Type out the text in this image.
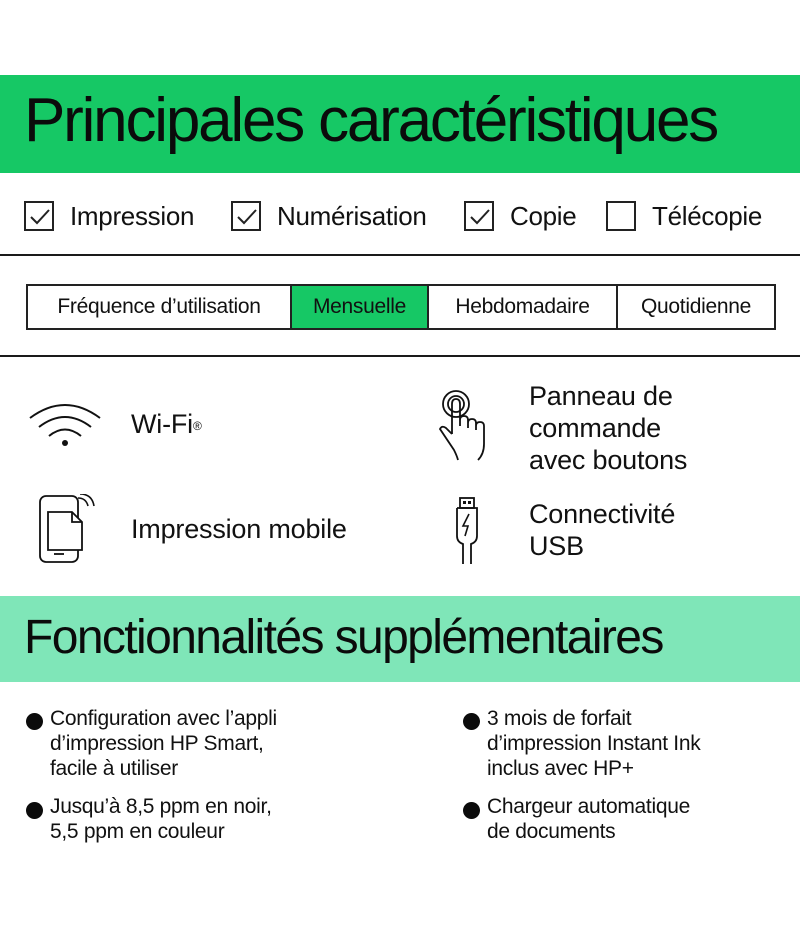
Principales caractéristiques
Impression	Numérisation	Copie	Télécopie
Fréquence d’utilisation	Mensuelle	Hebdomadaire	Quotidienne
Wi-Fi®
Panneau de
commande
avec boutons
Impression mobile	Connectivité
USB
Fonctionnalités supplémentaires
Configuration avec l’appli
d’impression HP Smart,
facile à utiliser
Jusqu’à 8,5 ppm en noir,
5,5 ppm en couleur
3 mois de forfait
d’impression Instant Ink
inclus avec HP+
Chargeur automatique
de documents
